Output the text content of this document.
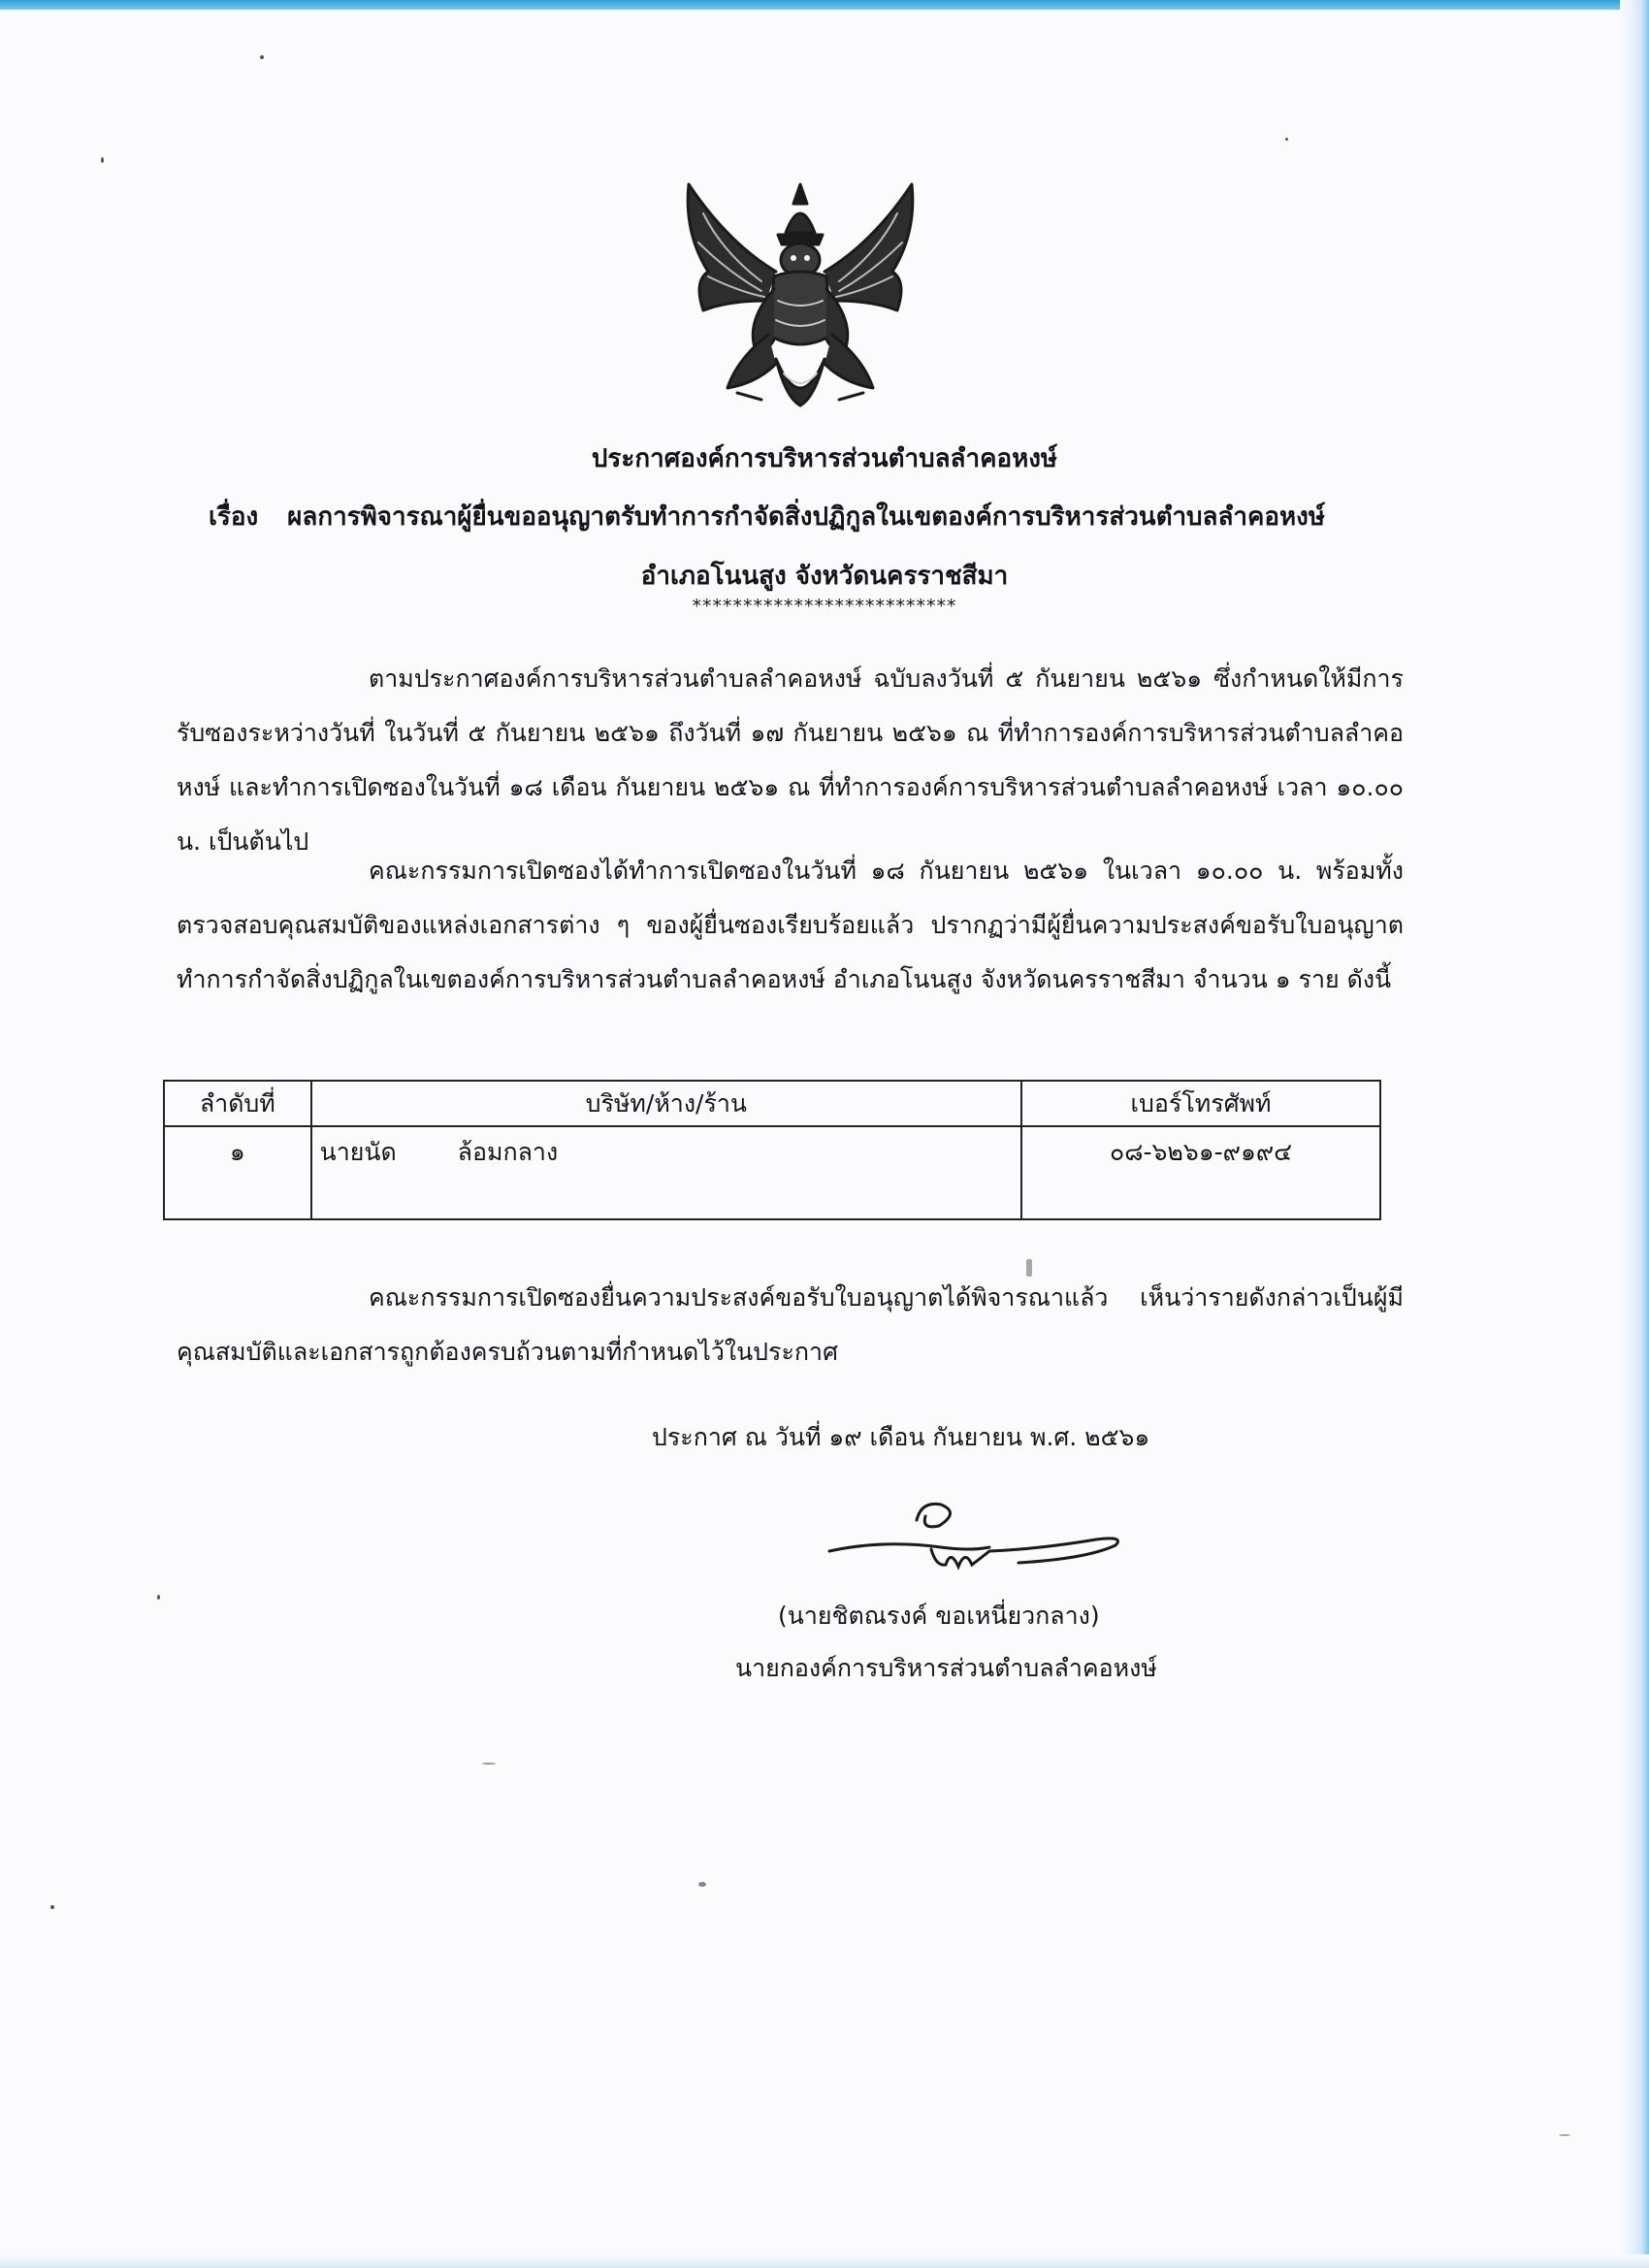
ประกาศองค์การบริหารส่วนตำบลลำคอหงษ์
เรื่อง ผลการพิจารณาผู้ยื่นขออนุญาตรับทำการกำจัดสิ่งปฏิกูลในเขตองค์การบริหารส่วนตำบลลำคอหงษ์
อำเภอโนนสูง จังหวัดนครราชสีมา
**************************
ตามประกาศองค์การบริหารส่วนตำบลลำคอหงษ์ ฉบับลงวันที่ ๕ กันยายน ๒๕๖๑ ซึ่งกำหนดให้มีการรับซองระหว่างวันที่ ในวันที่ ๕ กันยายน ๒๕๖๑ ถึงวันที่ ๑๗ กันยายน ๒๕๖๑ ณ ที่ทำการองค์การบริหารส่วนตำบลลำคอหงษ์ และทำการเปิดซองในวันที่ ๑๘ เดือน กันยายน ๒๕๖๑ ณ ที่ทำการองค์การบริหารส่วนตำบลลำคอหงษ์ เวลา ๑๐.๐๐ น. เป็นต้นไป
คณะกรรมการเปิดซองได้ทำการเปิดซองในวันที่ ๑๘ กันยายน ๒๕๖๑ ในเวลา ๑๐.๐๐ น. พร้อมทั้งตรวจสอบคุณสมบัติของแหล่งเอกสารต่าง ๆ ของผู้ยื่นซองเรียบร้อยแล้ว ปรากฏว่ามีผู้ยื่นความประสงค์ขอรับใบอนุญาตทำการกำจัดสิ่งปฏิกูลในเขตองค์การบริหารส่วนตำบลลำคอหงษ์ อำเภอโนนสูง จังหวัดนครราชสีมา จำนวน ๑ ราย ดังนี้
ลำดับที่	บริษัท/ห้าง/ร้าน	เบอร์โทรศัพท์
๑	นายนัด ล้อมกลาง	๐๘-๖๒๖๑-๙๑๙๔
คณะกรรมการเปิดซองยื่นความประสงค์ขอรับใบอนุญาตได้พิจารณาแล้ว เห็นว่ารายดังกล่าวเป็นผู้มีคุณสมบัติและเอกสารถูกต้องครบถ้วนตามที่กำหนดไว้ในประกาศ
ประกาศ ณ วันที่ ๑๙ เดือน กันยายน พ.ศ. ๒๕๖๑
(นายชิตณรงค์ ขอเหนี่ยวกลาง)
นายกองค์การบริหารส่วนตำบลลำคอหงษ์
